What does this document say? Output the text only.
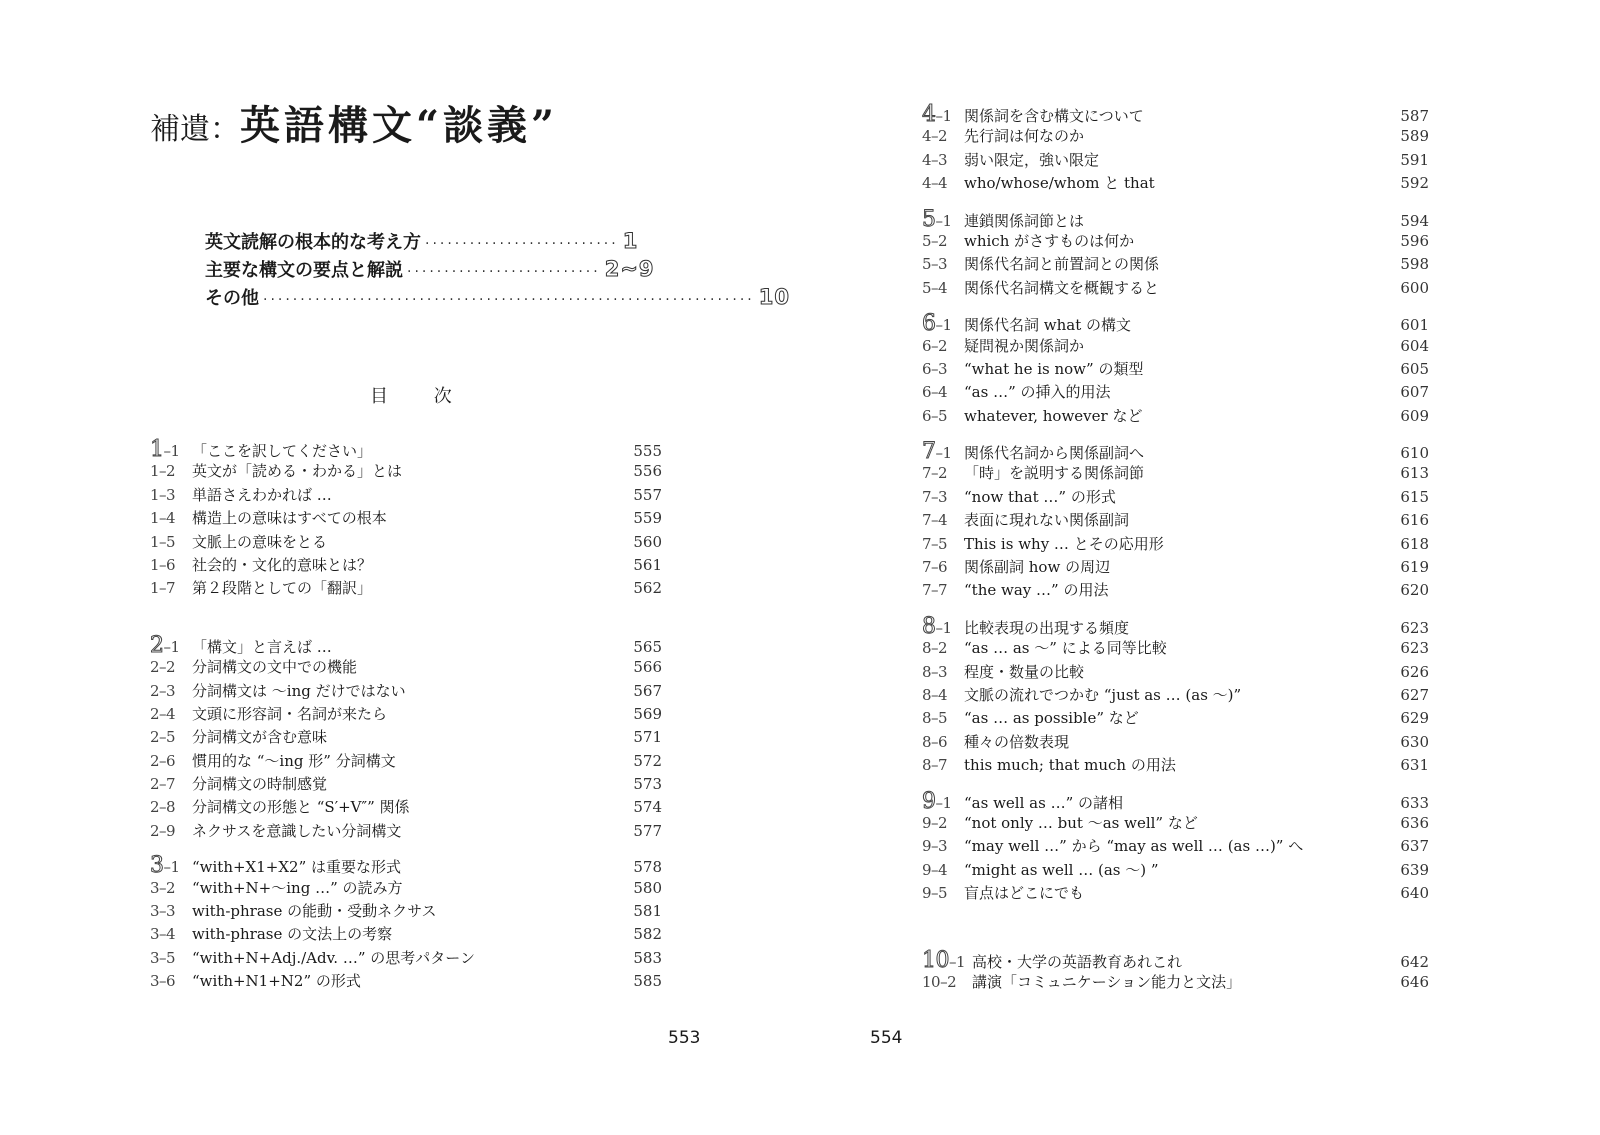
補遺：英語構文“談義”
英文読解の根本的な考え方 ·························· 1
主要な構文の要点と解説 ·························· 2~9
その他 ·································································· 10
目 次
1–1 「ここを訳してください」	555
1–2	英文が「読める・わかる」とは	556
1–3	単語さえわかれば …	557
1–4	構造上の意味はすべての根本	559
1–5	文脈上の意味をとる	560
1–6	社会的・文化的意味とは？	561
1–7	第２段階としての「翻訳」	562
2–1 「構文」と言えば …	565
2–2	分詞構文の文中での機能	566
2–3	分詞構文は ～ing だけではない	567
2–4	文頭に形容詞・名詞が来たら	569
2–5	分詞構文が含む意味	571
2–6	慣用的な “～ing 形” 分詞構文	572
2–7	分詞構文の時制感覚	573
2–8	分詞構文の形態と “S′+V″” 関係	574
2–9	ネクサスを意識したい分詞構文	577
3–1 “with+X1+X2” は重要な形式	578
3–2	“with+N+～ing …” の読み方	580
3–3	with-phrase の能動・受動ネクサス	581
3–4	with-phrase の文法上の考察	582
3–5	“with+N+Adj./Adv. …” の思考パターン	583
3–6	“with+N1+N2” の形式	585
4–1 関係詞を含む構文について	587
4–2	先行詞は何なのか	589
4–3	弱い限定，強い限定	591
4–4	who/whose/whom と that	592
5–1 連鎖関係詞節とは	594
5–2	which がさすものは何か	596
5–3	関係代名詞と前置詞との関係	598
5–4	関係代名詞構文を概観すると	600
6–1 関係代名詞 what の構文	601
6–2	疑問視か関係詞か	604
6–3	“what he is now” の類型	605
6–4	“as …” の挿入的用法	607
6–5	whatever, however など	609
7–1 関係代名詞から関係副詞へ	610
7–2	「時」を説明する関係詞節	613
7–3	“now that …” の形式	615
7–4	表面に現れない関係副詞	616
7–5	This is why … とその応用形	618
7–6	関係副詞 how の周辺	619
7–7	“the way …” の用法	620
8–1 比較表現の出現する頻度	623
8–2	“as … as ～” による同等比較	623
8–3	程度・数量の比較	626
8–4	文脈の流れでつかむ “just as … (as ～)”	627
8–5	“as … as possible” など	629
8–6	種々の倍数表現	630
8–7	this much; that much の用法	631
9–1 “as well as …” の諸相	633
9–2	“not only … but ～as well” など	636
9–3	“may well …” から “may as well … (as …)” へ	637
9–4	“might as well … (as ～) ”	639
9–5	盲点はどこにでも	640
10–1 高校・大学の英語教育あれこれ	642
10–2	講演「コミュニケーション能力と文法」	646
553	554
